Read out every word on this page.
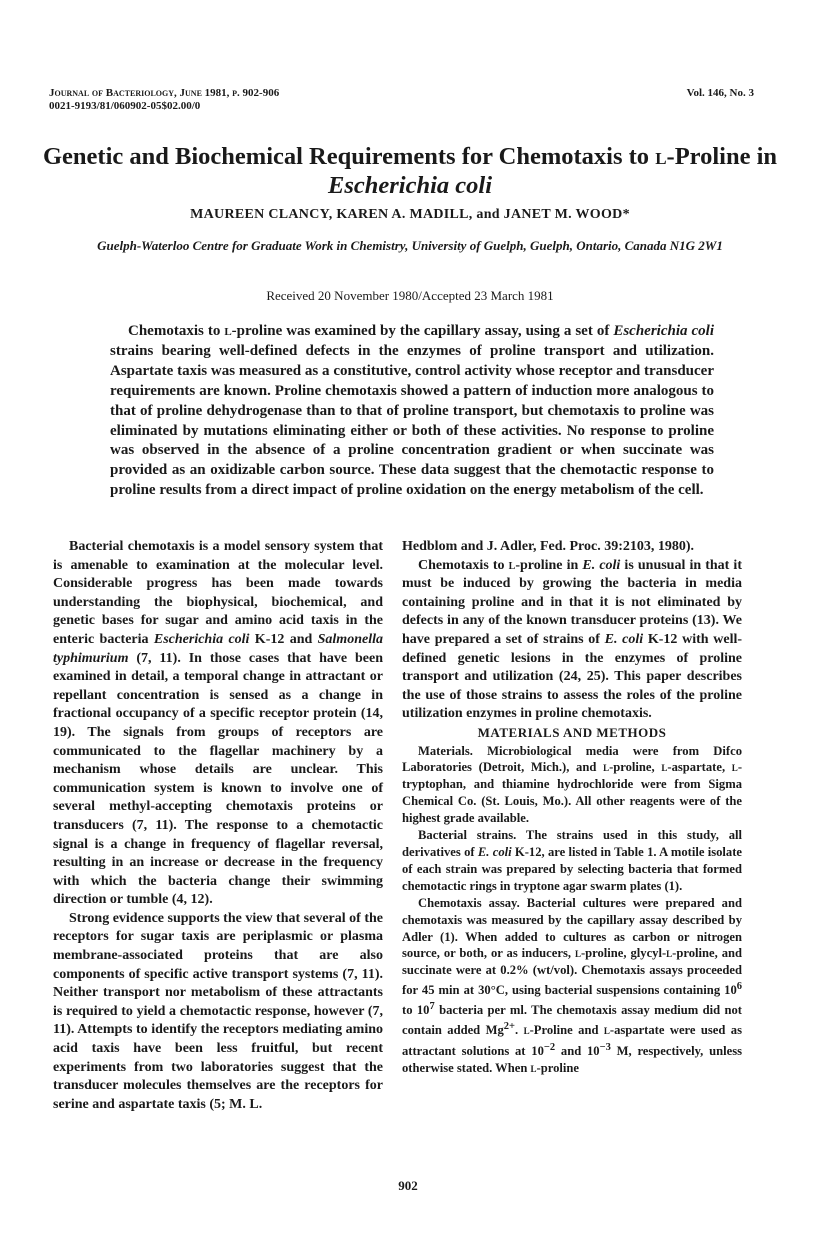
Journal of Bacteriology, June 1981, p. 902-906
0021-9193/81/060902-05$02.00/0
Vol. 146, No. 3
Genetic and Biochemical Requirements for Chemotaxis to l-Proline in Escherichia coli
MAUREEN CLANCY, KAREN A. MADILL, and JANET M. WOOD*
Guelph-Waterloo Centre for Graduate Work in Chemistry, University of Guelph, Guelph, Ontario, Canada N1G 2W1
Received 20 November 1980/Accepted 23 March 1981
Chemotaxis to l-proline was examined by the capillary assay, using a set of Escherichia coli strains bearing well-defined defects in the enzymes of proline transport and utilization. Aspartate taxis was measured as a constitutive, control activity whose receptor and transducer requirements are known. Proline chemotaxis showed a pattern of induction more analogous to that of proline dehydrogenase than to that of proline transport, but chemotaxis to proline was eliminated by mutations eliminating either or both of these activities. No response to proline was observed in the absence of a proline concentration gradient or when succinate was provided as an oxidizable carbon source. These data suggest that the chemotactic response to proline results from a direct impact of proline oxidation on the energy metabolism of the cell.

Bacterial chemotaxis is a model sensory system that is amenable to examination at the molecular level. Considerable progress has been made towards understanding the biophysical, biochemical, and genetic bases for sugar and amino acid taxis in the enteric bacteria Escherichia coli K-12 and Salmonella typhimurium (7, 11). In those cases that have been examined in detail, a temporal change in attractant or repellant concentration is sensed as a change in fractional occupancy of a specific receptor protein (14, 19). The signals from groups of receptors are communicated to the flagellar machinery by a mechanism whose details are unclear. This communication system is known to involve one of several methyl-accepting chemotaxis proteins or transducers (7, 11). The response to a chemotactic signal is a change in frequency of flagellar reversal, resulting in an increase or decrease in the frequency with which the bacteria change their swimming direction or tumble (4, 12).

Strong evidence supports the view that several of the receptors for sugar taxis are periplasmic or plasma membrane-associated proteins that are also components of specific active transport systems (7, 11). Neither transport nor metabolism of these attractants is required to yield a chemotactic response, however (7, 11). Attempts to identify the receptors mediating amino acid taxis have been less fruitful, but recent experiments from two laboratories suggest that the transducer molecules themselves are the receptors for serine and aspartate taxis (5; M. L.

Hedblom and J. Adler, Fed. Proc. 39:2103, 1980).

Chemotaxis to l-proline in E. coli is unusual in that it must be induced by growing the bacteria in media containing proline and in that it is not eliminated by defects in any of the known transducer proteins (13). We have prepared a set of strains of E. coli K-12 with well-defined genetic lesions in the enzymes of proline transport and utilization (24, 25). This paper describes the use of those strains to assess the roles of the proline utilization enzymes in proline chemotaxis.

MATERIALS AND METHODS

Materials. Microbiological media were from Difco Laboratories (Detroit, Mich.), and l-proline, l-aspartate, l-tryptophan, and thiamine hydrochloride were from Sigma Chemical Co. (St. Louis, Mo.). All other reagents were of the highest grade available.

Bacterial strains. The strains used in this study, all derivatives of E. coli K-12, are listed in Table 1. A motile isolate of each strain was prepared by selecting bacteria that formed chemotactic rings in tryptone agar swarm plates (1).

Chemotaxis assay. Bacterial cultures were prepared and chemotaxis was measured by the capillary assay described by Adler (1). When added to cultures as carbon or nitrogen source, or both, or as inducers, l-proline, glycyl-l-proline, and succinate were at 0.2% (wt/vol). Chemotaxis assays proceeded for 45 min at 30°C, using bacterial suspensions containing $10^6$ to $10^7$ bacteria per ml. The chemotaxis assay medium did not contain added $Mg^{2+}$. l-Proline and l-aspartate were used as attractant solutions at $10^{-2}$ and $10^{-3}$ M, respectively, unless otherwise stated. When l-proline

902
